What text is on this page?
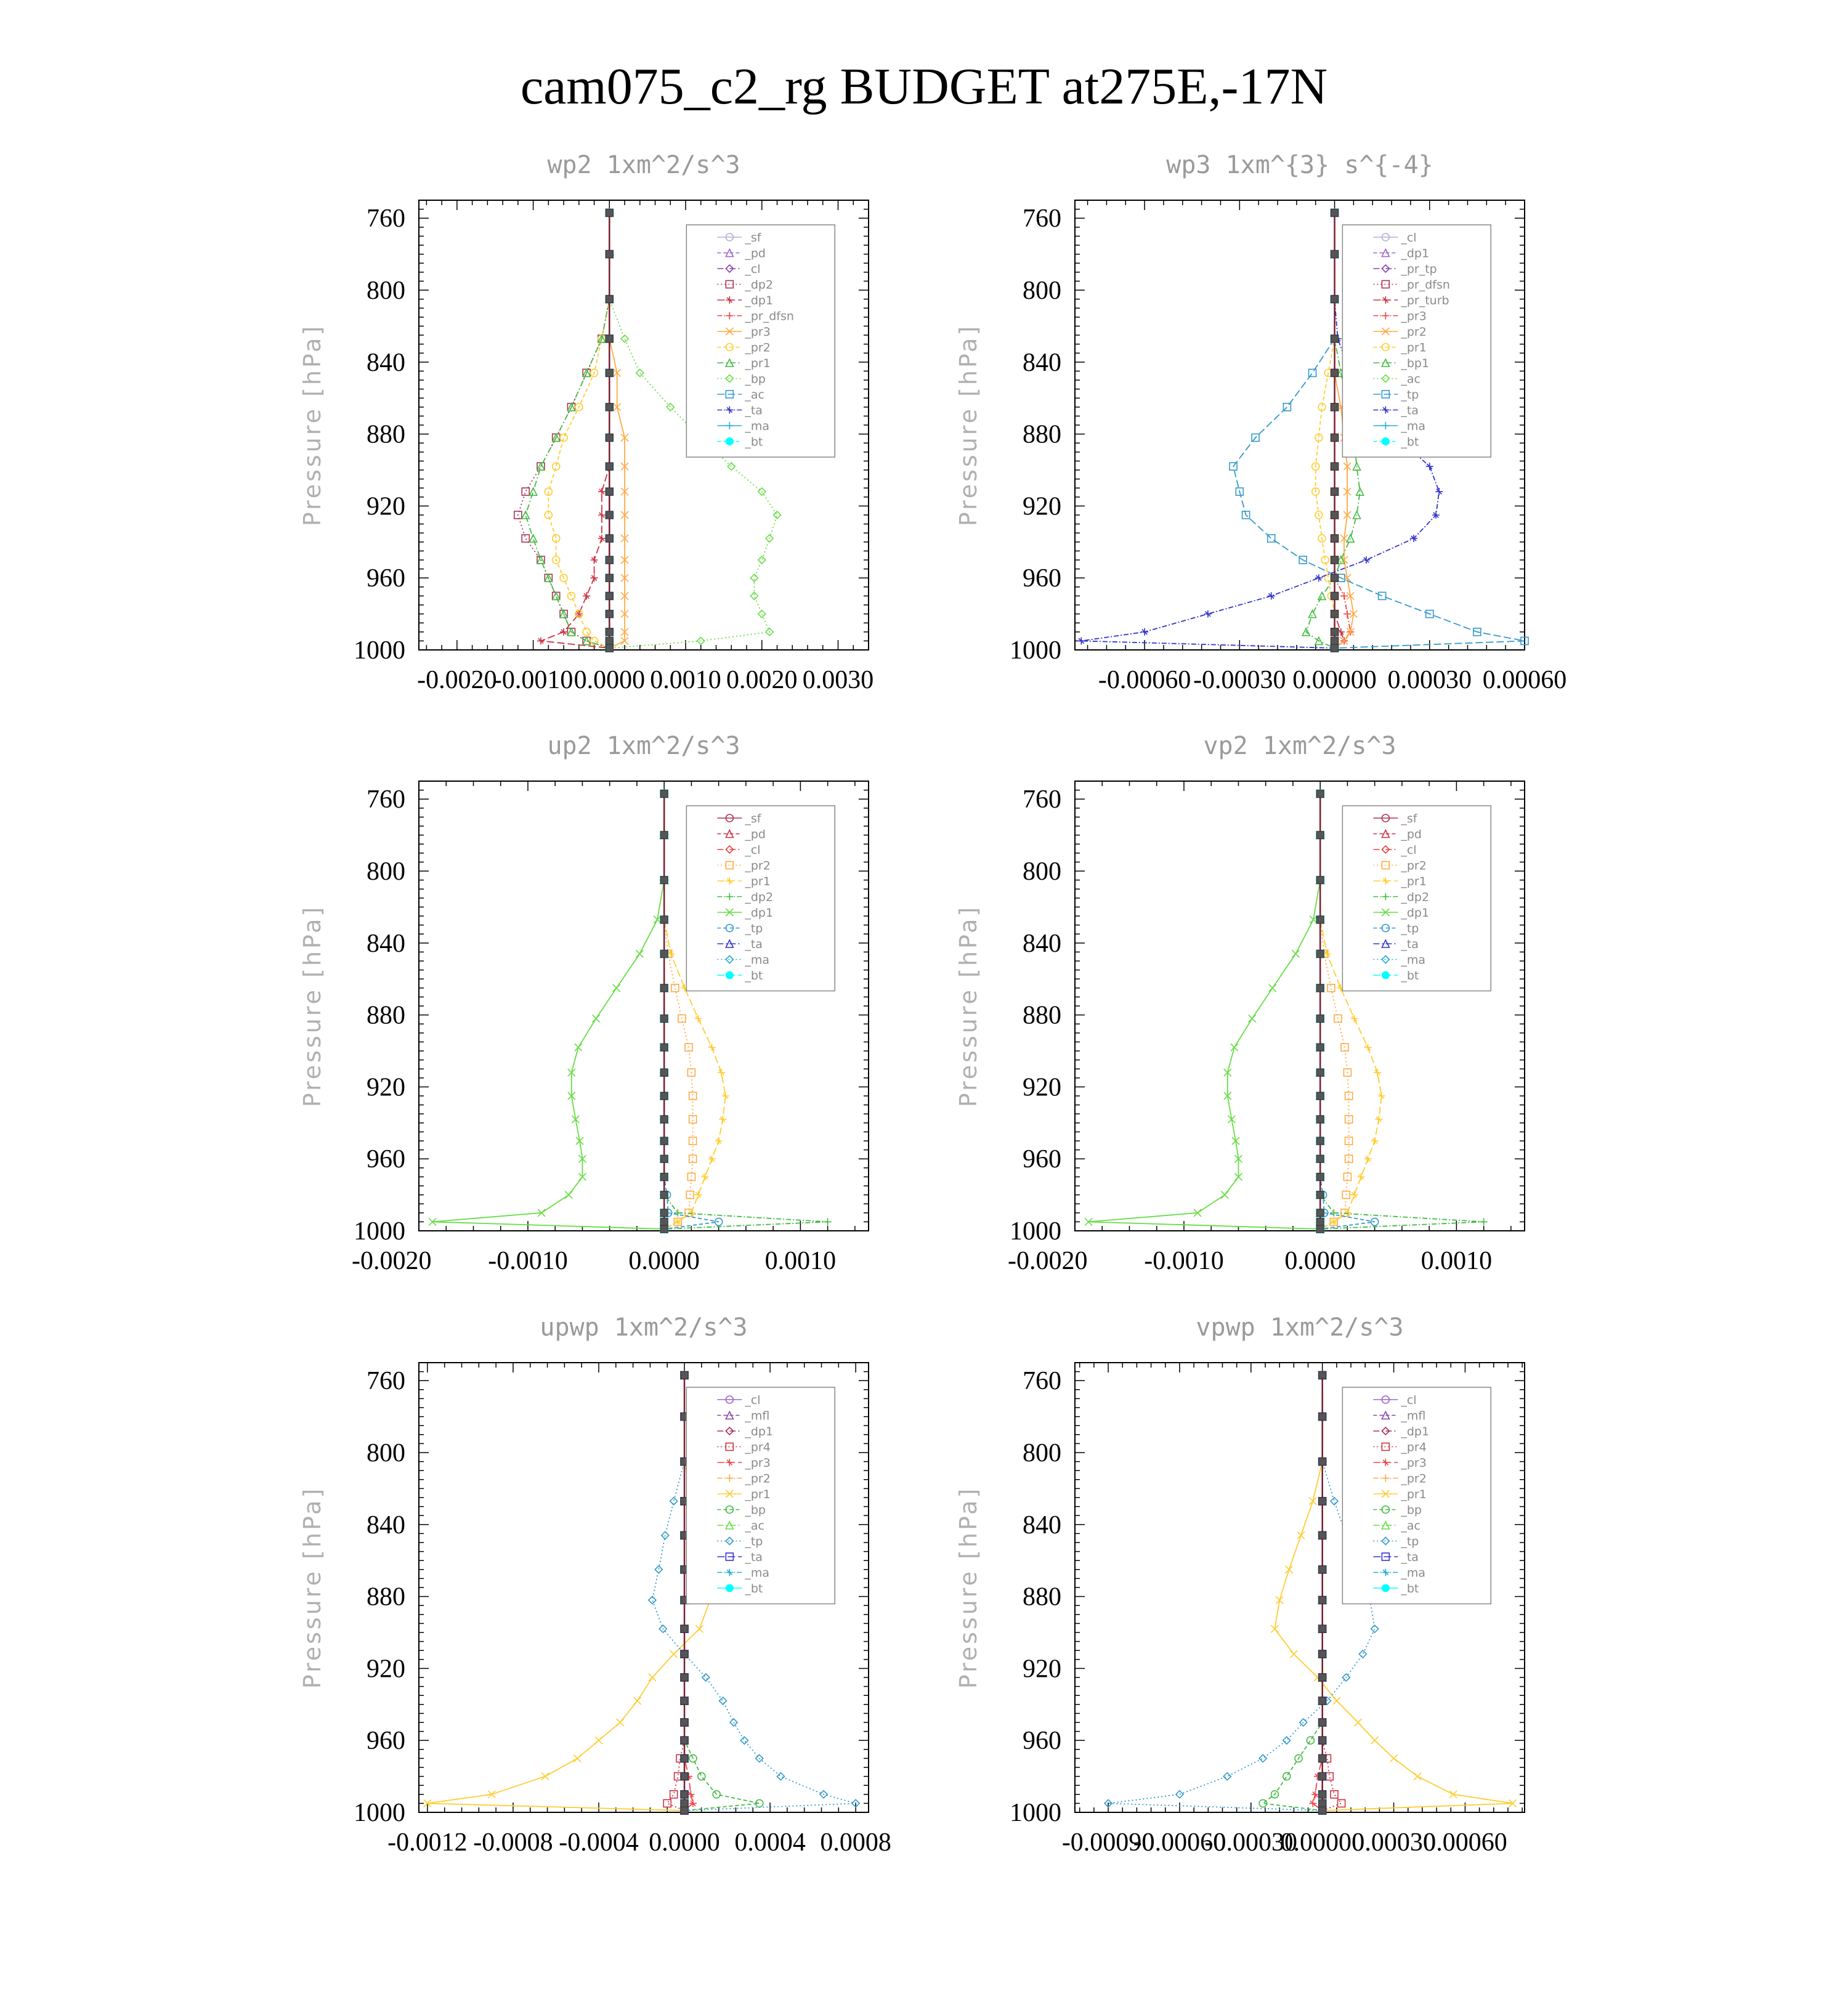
cam075_c2_rg BUDGET at275E,-17N
wp2 1xm^2/s^3
760
800
840
880
920
960
1000
-0.0020
-0.0010 0.0000 0.0010 0.0020 0.0030
Pressure [hPa]
_sf
_pd
_cl
_dp2
_dp1
_pr_dfsn
_pr3
_pr2
_pr1
_bp
_ac
_ta
_ma
_bt
wp3 1xm^{3} s^{-4}
760
800
840
880
920
960
1000
-0.00060 -0.00030 0.00000 0.00030 0.00060
Pressure [hPa]
_cl
_dp1
_pr_tp
_pr_dfsn
_pr_turb
_pr3
_pr2
_pr1
_bp1
_ac
_tp
_ta
_ma
_bt
up2 1xm^2/s^3
760
800
840
880
920
960
1000
-0.0020 -0.0010 0.0000	0.0010
Pressure [hPa]
_sf
_pd
_cl
_pr2
_pr1
_dp2
_dp1
_tp
_ta
_ma
_bt
vp2 1xm^2/s^3
760
800
840
880
920
960
1000
-0.0020 -0.0010 0.0000	0.0010
Pressure [hPa]
_sf
_pd
_cl
_pr2
_pr1
_dp2
_dp1
_tp
_ta
_ma
_bt
upwp 1xm^2/s^3
760
800
840
880
920
960
1000
-0.0012 -0.0008 -0.0004 0.0000 0.0004 0.0008
Pressure [hPa]
_cl
_mfl
_dp1
_pr4
_pr3
_pr2
_pr1
_bp
_ac
_tp
_ta
_ma
_bt
vpwp 1xm^2/s^3
760
800
840
880
920
960
1000
-0.00090
-0.00060
-0.00030
0.00000
0.00030
0.00060
Pressure [hPa]
_cl
_mfl
_dp1
_pr4
_pr3
_pr2
_pr1
_bp
_ac
_tp
_ta
_ma
_bt
